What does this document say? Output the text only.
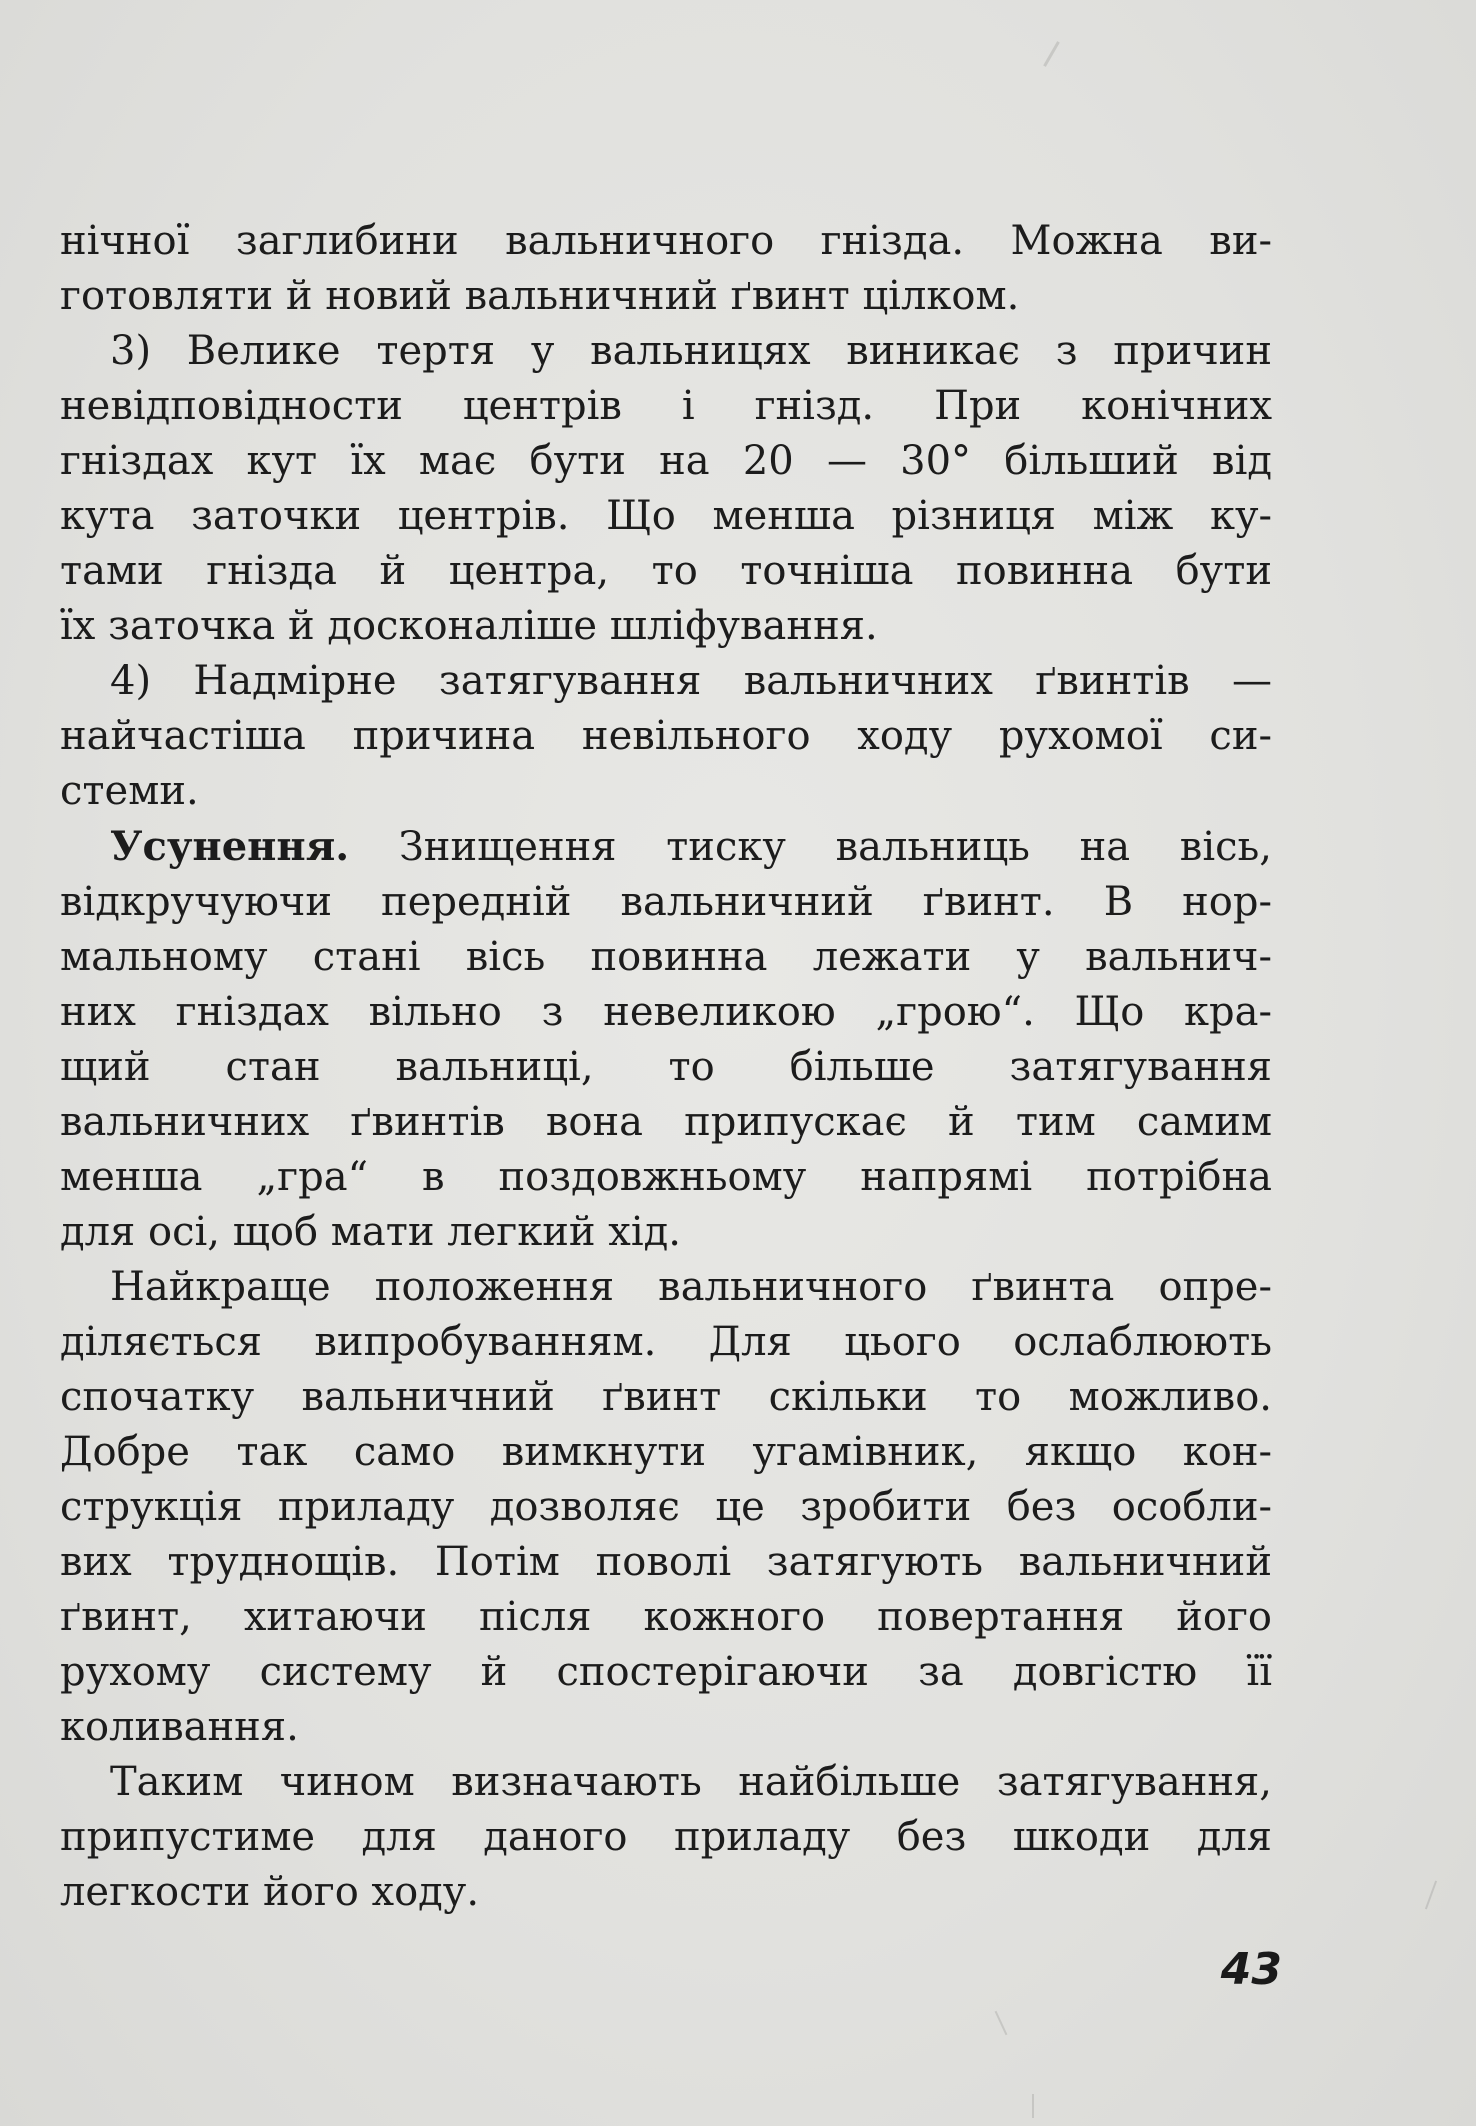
нічної заглибини вальничного гнізда. Можна ви-
готовляти й новий вальничний ґвинт цілком.

3) Велике тертя у вальницях виникає з причин
невідповідности центрів і гнізд. При конічних
гніздах кут їх має бути на 20 — 30° більший від
кута заточки центрів. Що менша різниця між ку-
тами гнізда й центра, то точніша повинна бути
їх заточка й досконаліше шліфування.

4) Надмірне затягування вальничних ґвинтів —
найчастіша причина невільного ходу рухомої си-
стеми.

Усунення. Знищення тиску вальниць на вісь,
відкручуючи передній вальничний ґвинт. В нор-
мальному стані вісь повинна лежати у вальнич-
них гніздах вільно з невеликою „грою“. Що кра-
щий стан вальниці, то більше затягування
вальничних ґвинтів вона припускає й тим самим
менша „гра“ в поздовжньому напрямі потрібна
для осі, щоб мати легкий хід.

Найкраще положення вальничного ґвинта опре-
діляється випробуванням. Для цього ослаблюють
спочатку вальничний ґвинт скільки то можливо.
Добре так само вимкнути угамівник, якщо кон-
струкція приладу дозволяє це зробити без особли-
вих труднощів. Потім поволі затягують вальничний
ґвинт, хитаючи після кожного повертання його
рухому систему й спостерігаючи за довгістю її
коливання.

Таким чином визначають найбільше затягування,
припустиме для даного приладу без шкоди для
легкости його ходу.

43
